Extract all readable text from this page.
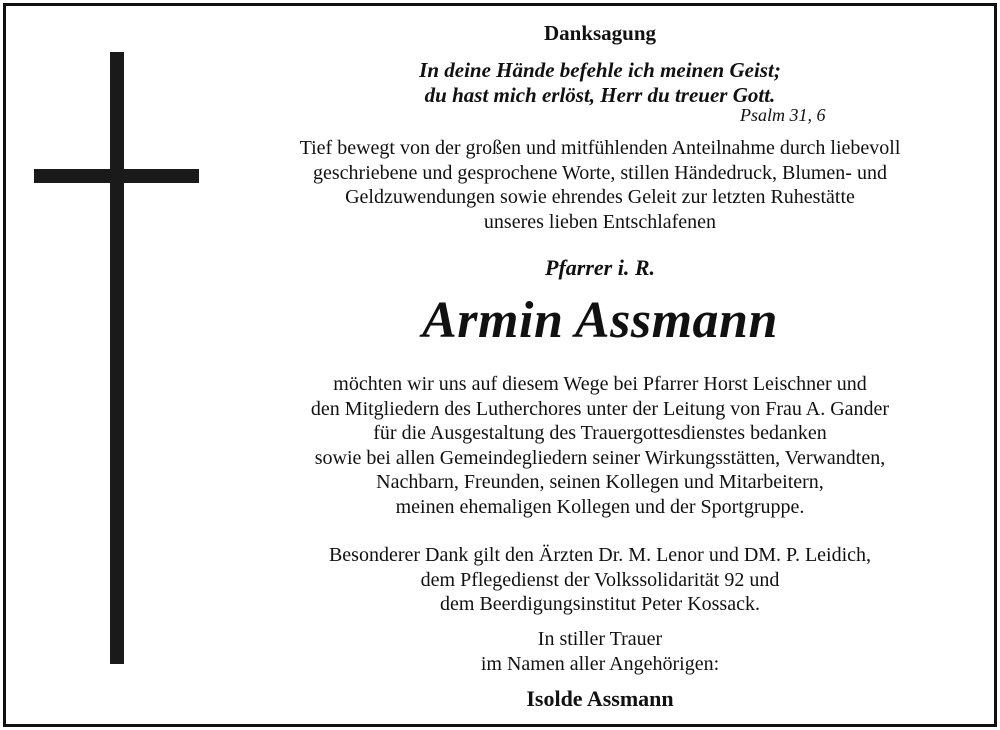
Danksagung
In deine Hände befehle ich meinen Geist;
du hast mich erlöst, Herr du treuer Gott.
Psalm 31, 6
Tief bewegt von der großen und mitfühlenden Anteilnahme durch liebevoll
geschriebene und gesprochene Worte, stillen Händedruck, Blumen- und
Geldzuwendungen sowie ehrendes Geleit zur letzten Ruhestätte
unseres lieben Entschlafenen
Pfarrer i. R.
Armin Assmann
möchten wir uns auf diesem Wege bei Pfarrer Horst Leischner und
den Mitgliedern des Lutherchores unter der Leitung von Frau A. Gander
für die Ausgestaltung des Trauergottesdienstes bedanken
sowie bei allen Gemeindegliedern seiner Wirkungsstätten, Verwandten,
Nachbarn, Freunden, seinen Kollegen und Mitarbeitern,
meinen ehemaligen Kollegen und der Sportgruppe.
Besonderer Dank gilt den Ärzten Dr. M. Lenor und DM. P. Leidich,
dem Pflegedienst der Volkssolidarität 92 und
dem Beerdigungsinstitut Peter Kossack.
In stiller Trauer
im Namen aller Angehörigen:
Isolde Assmann
